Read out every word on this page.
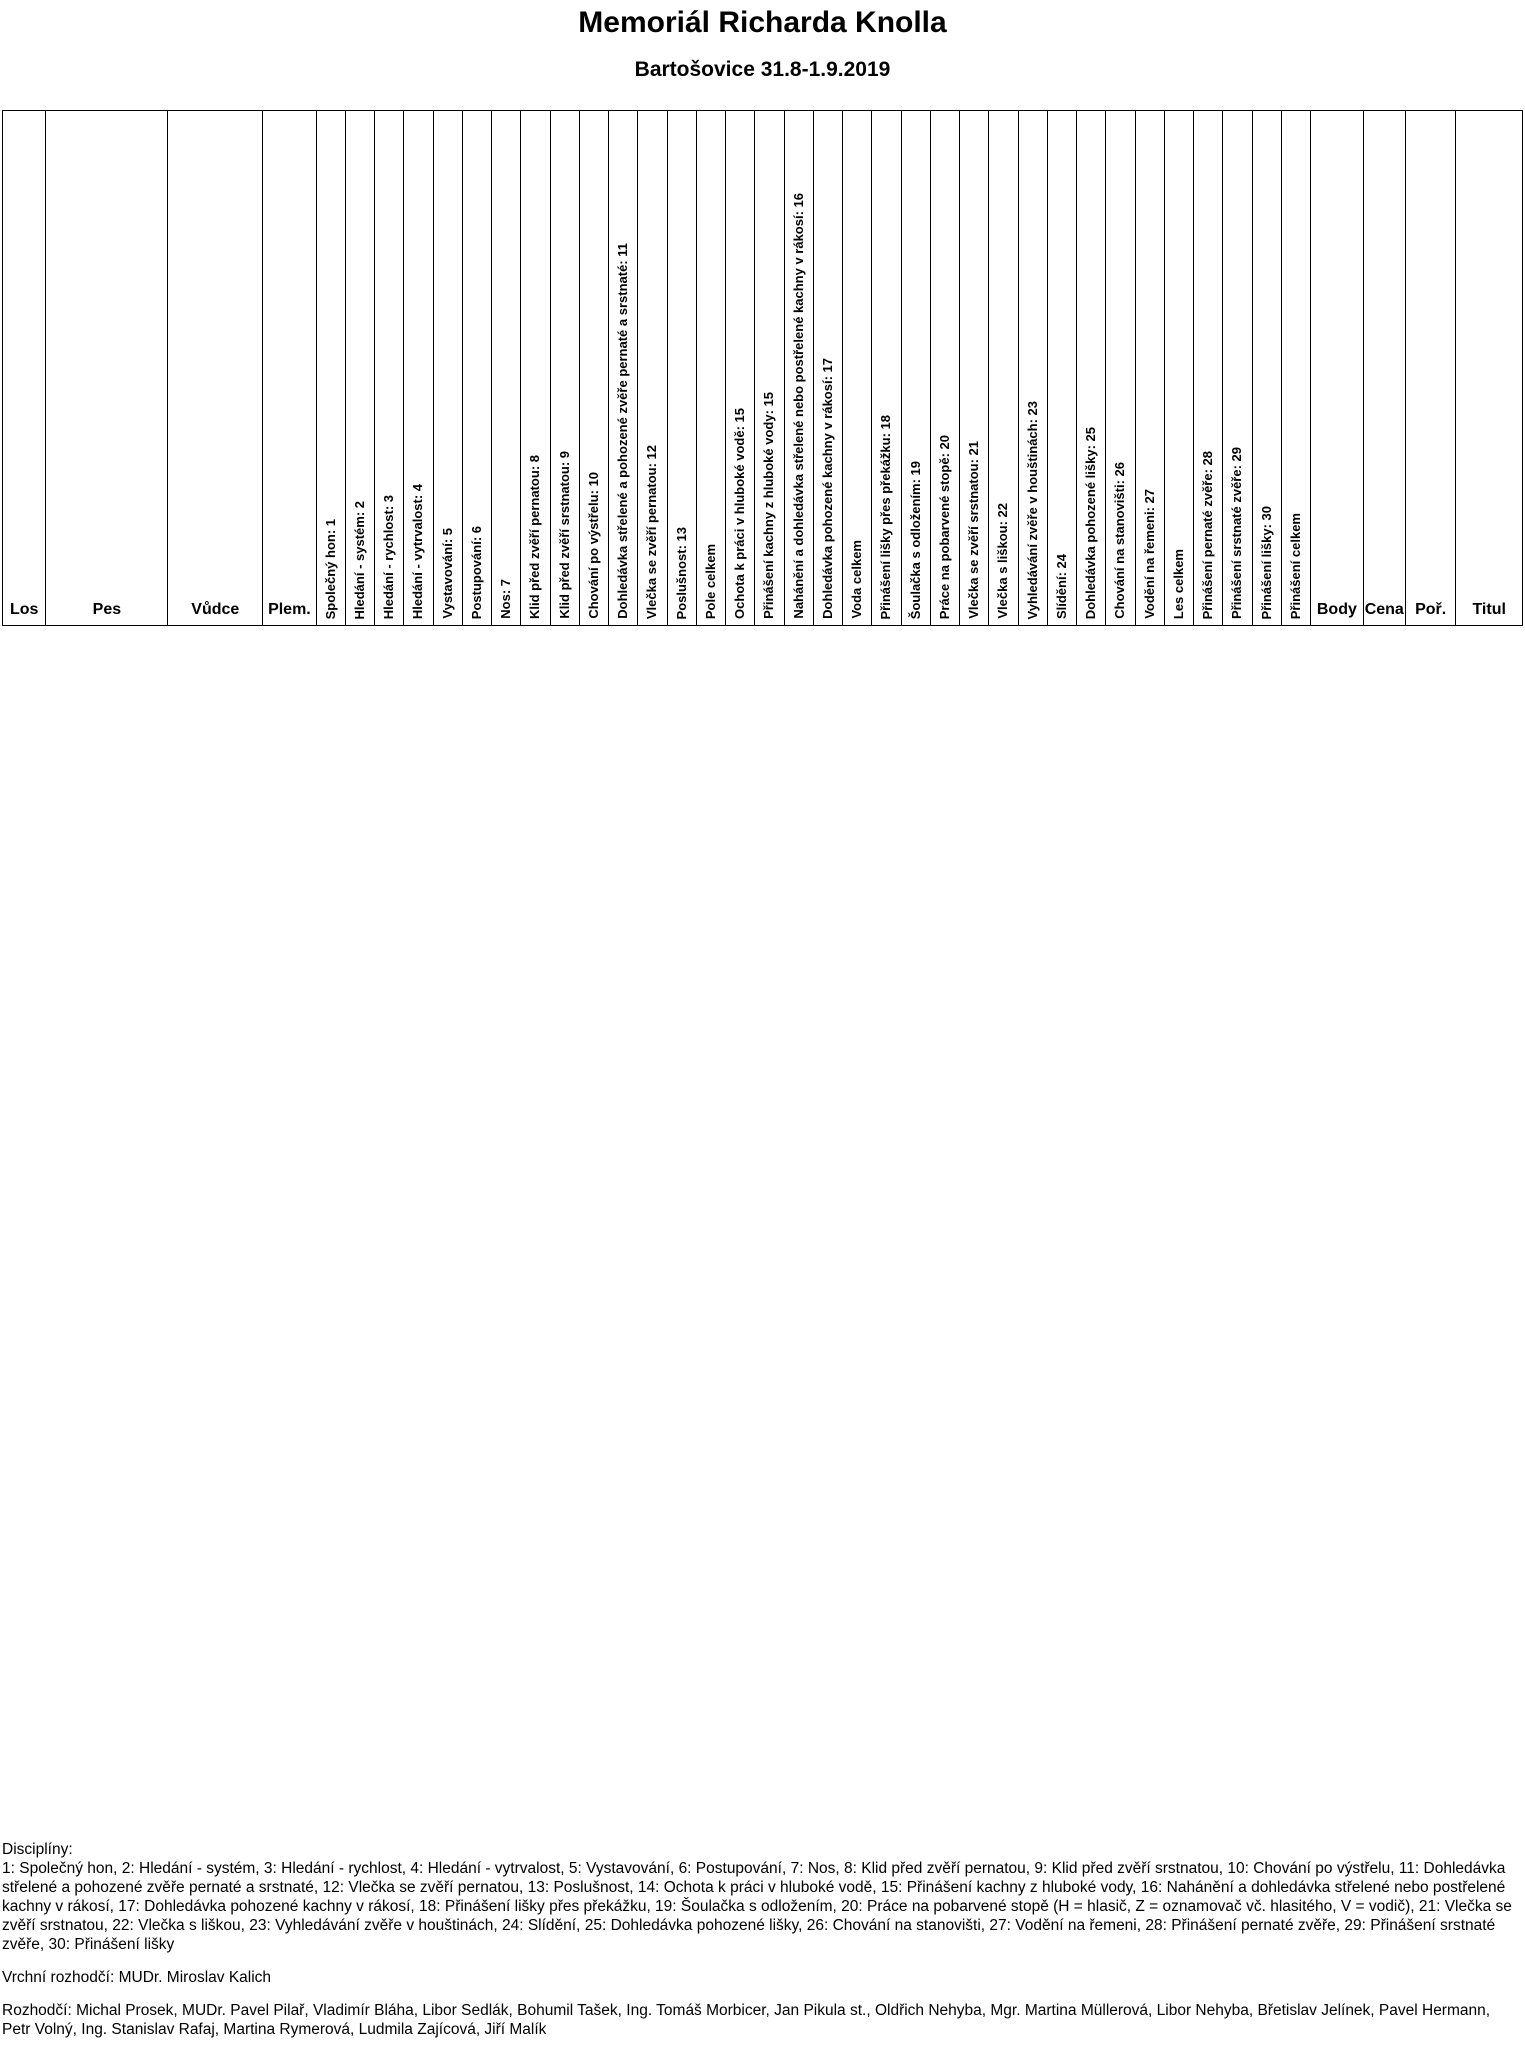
Memoriál Richarda Knolla
Bartošovice 31.8-1.9.2019
Los	Pes	Vůdce	Plem.	Společný hon: 1	Hledání - systém: 2	Hledání - rychlost: 3	Hledání - vytrvalost: 4	Vystavování: 5	Postupování: 6	Nos: 7	Klid před zvěří pernatou: 8	Klid před zvěří srstnatou: 9	Chování po výstřelu: 10	Dohledávka střelené a pohozené zvěře pernaté a srstnaté: 11	Vlečka se zvěří pernatou: 12	Poslušnost: 13	Pole celkem	Ochota k práci v hluboké vodě: 15	Přinášení kachny z hluboké vody: 15	Nahánění a dohledávka střelené nebo postřelené kachny v rákosí: 16	Dohledávka pohozené kachny v rákosí: 17	Voda celkem	Přinášení lišky přes překážku: 18	Šoulačka s odložením: 19	Práce na pobarvené stopě: 20	Vlečka se zvěří srstnatou: 21	Vlečka s liškou: 22	Vyhledávání zvěře v houštinách: 23	Slídění: 24	Dohledávka pohozené lišky: 25	Chování na stanovišti: 26	Vodění na řemeni: 27	Les celkem	Přinášení pernaté zvěře: 28	Přinášení srstnaté zvěře: 29	Přinášení lišky: 30	Přinášení celkem	Body	Cena	Poř.	Titul

Disciplíny:
1: Společný hon, 2: Hledání - systém, 3: Hledání - rychlost, 4: Hledání - vytrvalost, 5: Vystavování, 6: Postupování, 7: Nos, 8: Klid před zvěří pernatou, 9: Klid před zvěří srstnatou, 10: Chování po výstřelu, 11: Dohledávka střelené a pohozené zvěře pernaté a srstnaté, 12: Vlečka se zvěří pernatou, 13: Poslušnost, 14: Ochota k práci v hluboké vodě, 15: Přinášení kachny z hluboké vody, 16: Nahánění a dohledávka střelené nebo postřelené kachny v rákosí, 17: Dohledávka pohozené kachny v rákosí, 18: Přinášení lišky přes překážku, 19: Šoulačka s odložením, 20: Práce na pobarvené stopě (H = hlasič, Z = oznamovač vč. hlasitého, V = vodič), 21: Vlečka se zvěří srstnatou, 22: Vlečka s liškou, 23: Vyhledávání zvěře v houštinách, 24: Slídění, 25: Dohledávka pohozené lišky, 26: Chování na stanovišti, 27: Vodění na řemeni, 28: Přinášení pernaté zvěře, 29: Přinášení srstnaté zvěře, 30: Přinášení lišky

Vrchní rozhodčí: MUDr. Miroslav Kalich

Rozhodčí: Michal Prosek, MUDr. Pavel Pilař, Vladimír Bláha, Libor Sedlák, Bohumil Tašek, Ing. Tomáš Morbicer, Jan Pikula st., Oldřich Nehyba, Mgr. Martina Müllerová, Libor Nehyba, Břetislav Jelínek, Pavel Hermann, Petr Volný, Ing. Stanislav Rafaj, Martina Rymerová, Ludmila Zajícová, Jiří Malík
